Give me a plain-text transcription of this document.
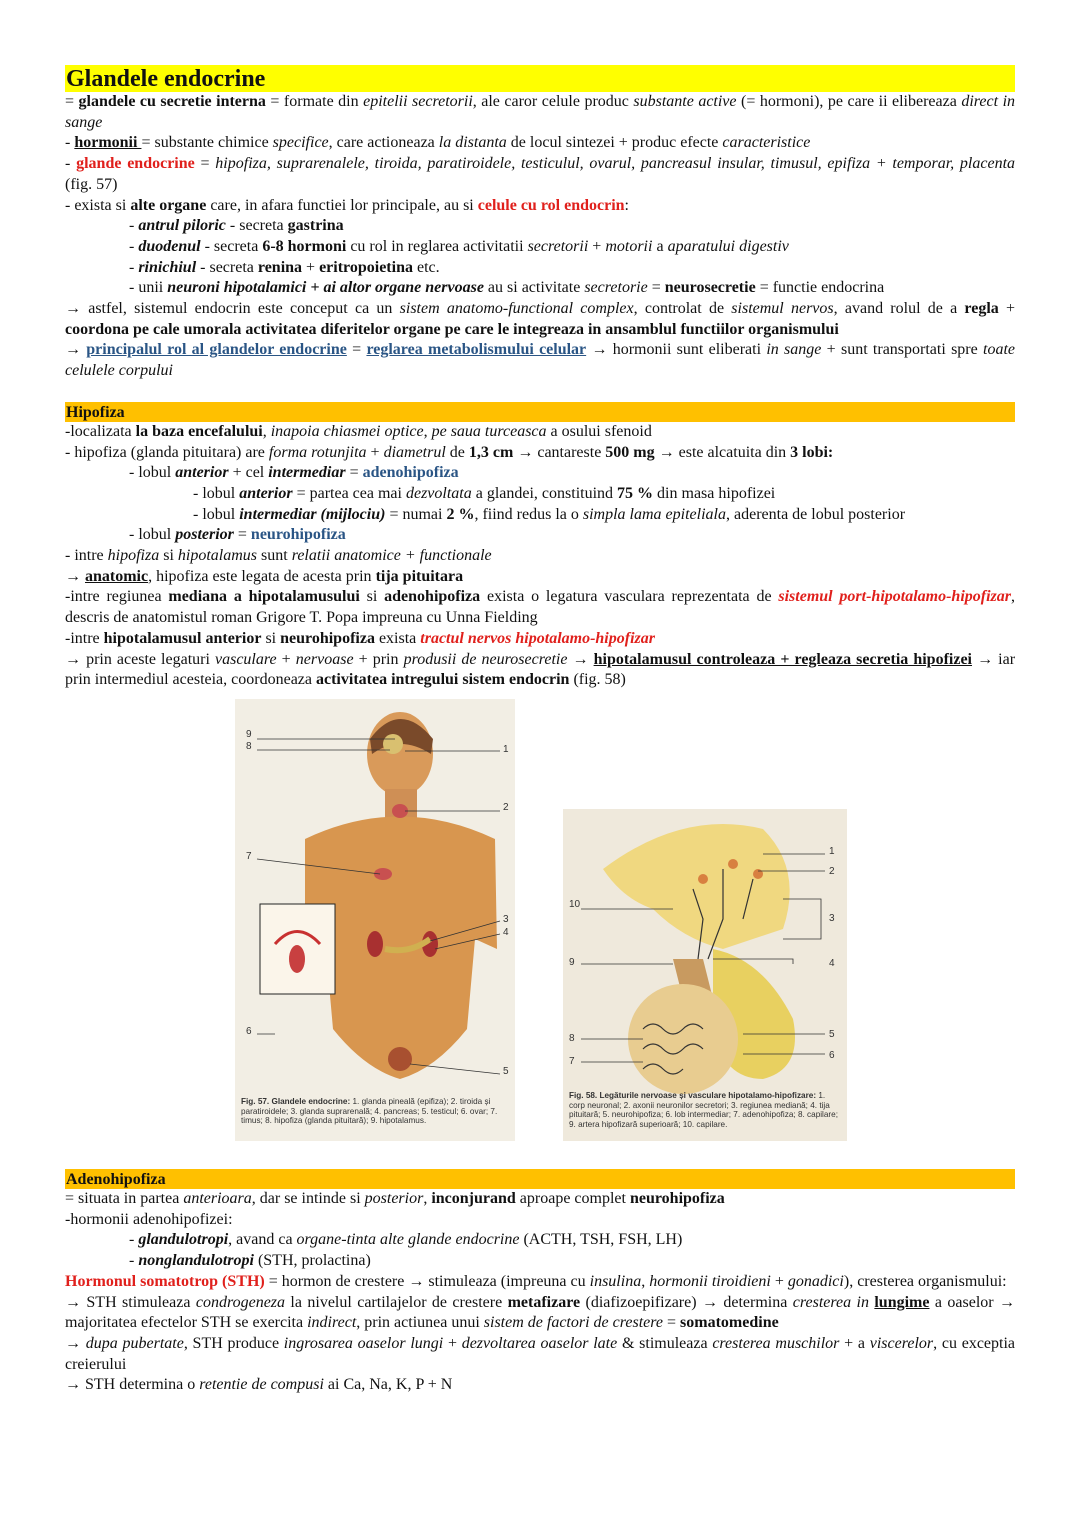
Glandele endocrine
= glandele cu secretie interna = formate din epitelii secretorii, ale caror celule produc substante active (= hormoni), pe care ii elibereaza direct in sange
- hormonii = substante chimice specifice, care actioneaza la distanta de locul sintezei + produc efecte caracteristice
- glande endocrine = hipofiza, suprarenalele, tiroida, paratiroidele, testiculul, ovarul, pancreasul insular, timusul, epifiza + temporar, placenta (fig. 57)
- exista si alte organe care, in afara functiei lor principale, au si celule cu rol endocrin:
- antrul piloric - secreta gastrina
- duodenul - secreta 6-8 hormoni cu rol in reglarea activitatii secretorii + motorii a aparatului digestiv
- rinichiul - secreta renina + eritropoietina etc.
- unii neuroni hipotalamici + ai altor organe nervoase au si activitate secretorie = neurosecretie = functie endocrina
→ astfel, sistemul endocrin este conceput ca un sistem anatomo-functional complex, controlat de sistemul nervos, avand rolul de a regla + coordona pe cale umorala activitatea diferitelor organe pe care le integreaza in ansamblul functiilor organismului
→ principalul rol al glandelor endocrine = reglarea metabolismului celular → hormonii sunt eliberati in sange + sunt transportati spre toate celulele corpului
Hipofiza
-localizata la baza encefalului, inapoia chiasmei optice, pe saua turceasca a osului sfenoid
- hipofiza (glanda pituitara) are forma rotunjita + diametrul de 1,3 cm → cantareste 500 mg → este alcatuita din 3 lobi:
- lobul anterior + cel intermediar = adenohipofiza
- lobul anterior = partea cea mai dezvoltata a glandei, constituind 75 % din masa hipofizei
- lobul intermediar (mijlociu) = numai 2 %, fiind redus la o simpla lama epiteliala, aderenta de lobul posterior
- lobul posterior = neurohipofiza
- intre hipofiza si hipotalamus sunt relatii anatomice + functionale
→ anatomic, hipofiza este legata de acesta prin tija pituitara
-intre regiunea mediana a hipotalamusului si adenohipofiza exista o legatura vasculara reprezentata de sistemul port-hipotalamo-hipofizar, descris de anatomistul roman Grigore T. Popa impreuna cu Unna Fielding
-intre hipotalamusul anterior si neurohipofiza exista tractul nervos hipotalamo-hipofizar
→ prin aceste legaturi vasculare + nervoase + prin produsii de neurosecretie → hipotalamusul controleaza + regleaza secretia hipofizei → iar prin intermediul acesteia, coordoneaza activitatea intregului sistem endocrin (fig. 58)
9
8	1
2
7
3
4
6
5
Fig. 57. Glandele endocrine: 1. glanda pineală (epifiza); 2. tiroida și paratiroidele; 3. glanda suprarenală; 4. pancreas; 5. testicul; 6. ovar; 7. timus; 8. hipofiza (glanda pituitară); 9. hipotalamus.
1
2
10
3
9	4
5
8
6
7
Fig. 58. Legăturile nervoase și vasculare hipotalamo-hipofizare: 1. corp neuronal; 2. axonii neuronilor secretori; 3. regiunea mediană; 4. tija pituitară; 5. neurohipofiza; 6. lob intermediar; 7. adenohipofiza; 8. capilare; 9. artera hipofizară superioară; 10. capilare.
Adenohipofiza
= situata in partea anterioara, dar se intinde si posterior, inconjurand aproape complet neurohipofiza
-hormonii adenohipofizei:
- glandulotropi, avand ca organe-tinta alte glande endocrine (ACTH, TSH, FSH, LH)
- nonglandulotropi (STH, prolactina)
Hormonul somatotrop (STH) = hormon de crestere → stimuleaza (impreuna cu insulina, hormonii tiroidieni + gonadici), cresterea organismului:
→ STH stimuleaza condrogeneza la nivelul cartilajelor de crestere metafizare (diafizoepifizare) → determina cresterea in lungime a oaselor → majoritatea efectelor STH se exercita indirect, prin actiunea unui sistem de factori de crestere = somatomedine
→ dupa pubertate, STH produce ingrosarea oaselor lungi + dezvoltarea oaselor late & stimuleaza cresterea muschilor + a viscerelor, cu exceptia creierului
→ STH determina o retentie de compusi ai Ca, Na, K, P + N
